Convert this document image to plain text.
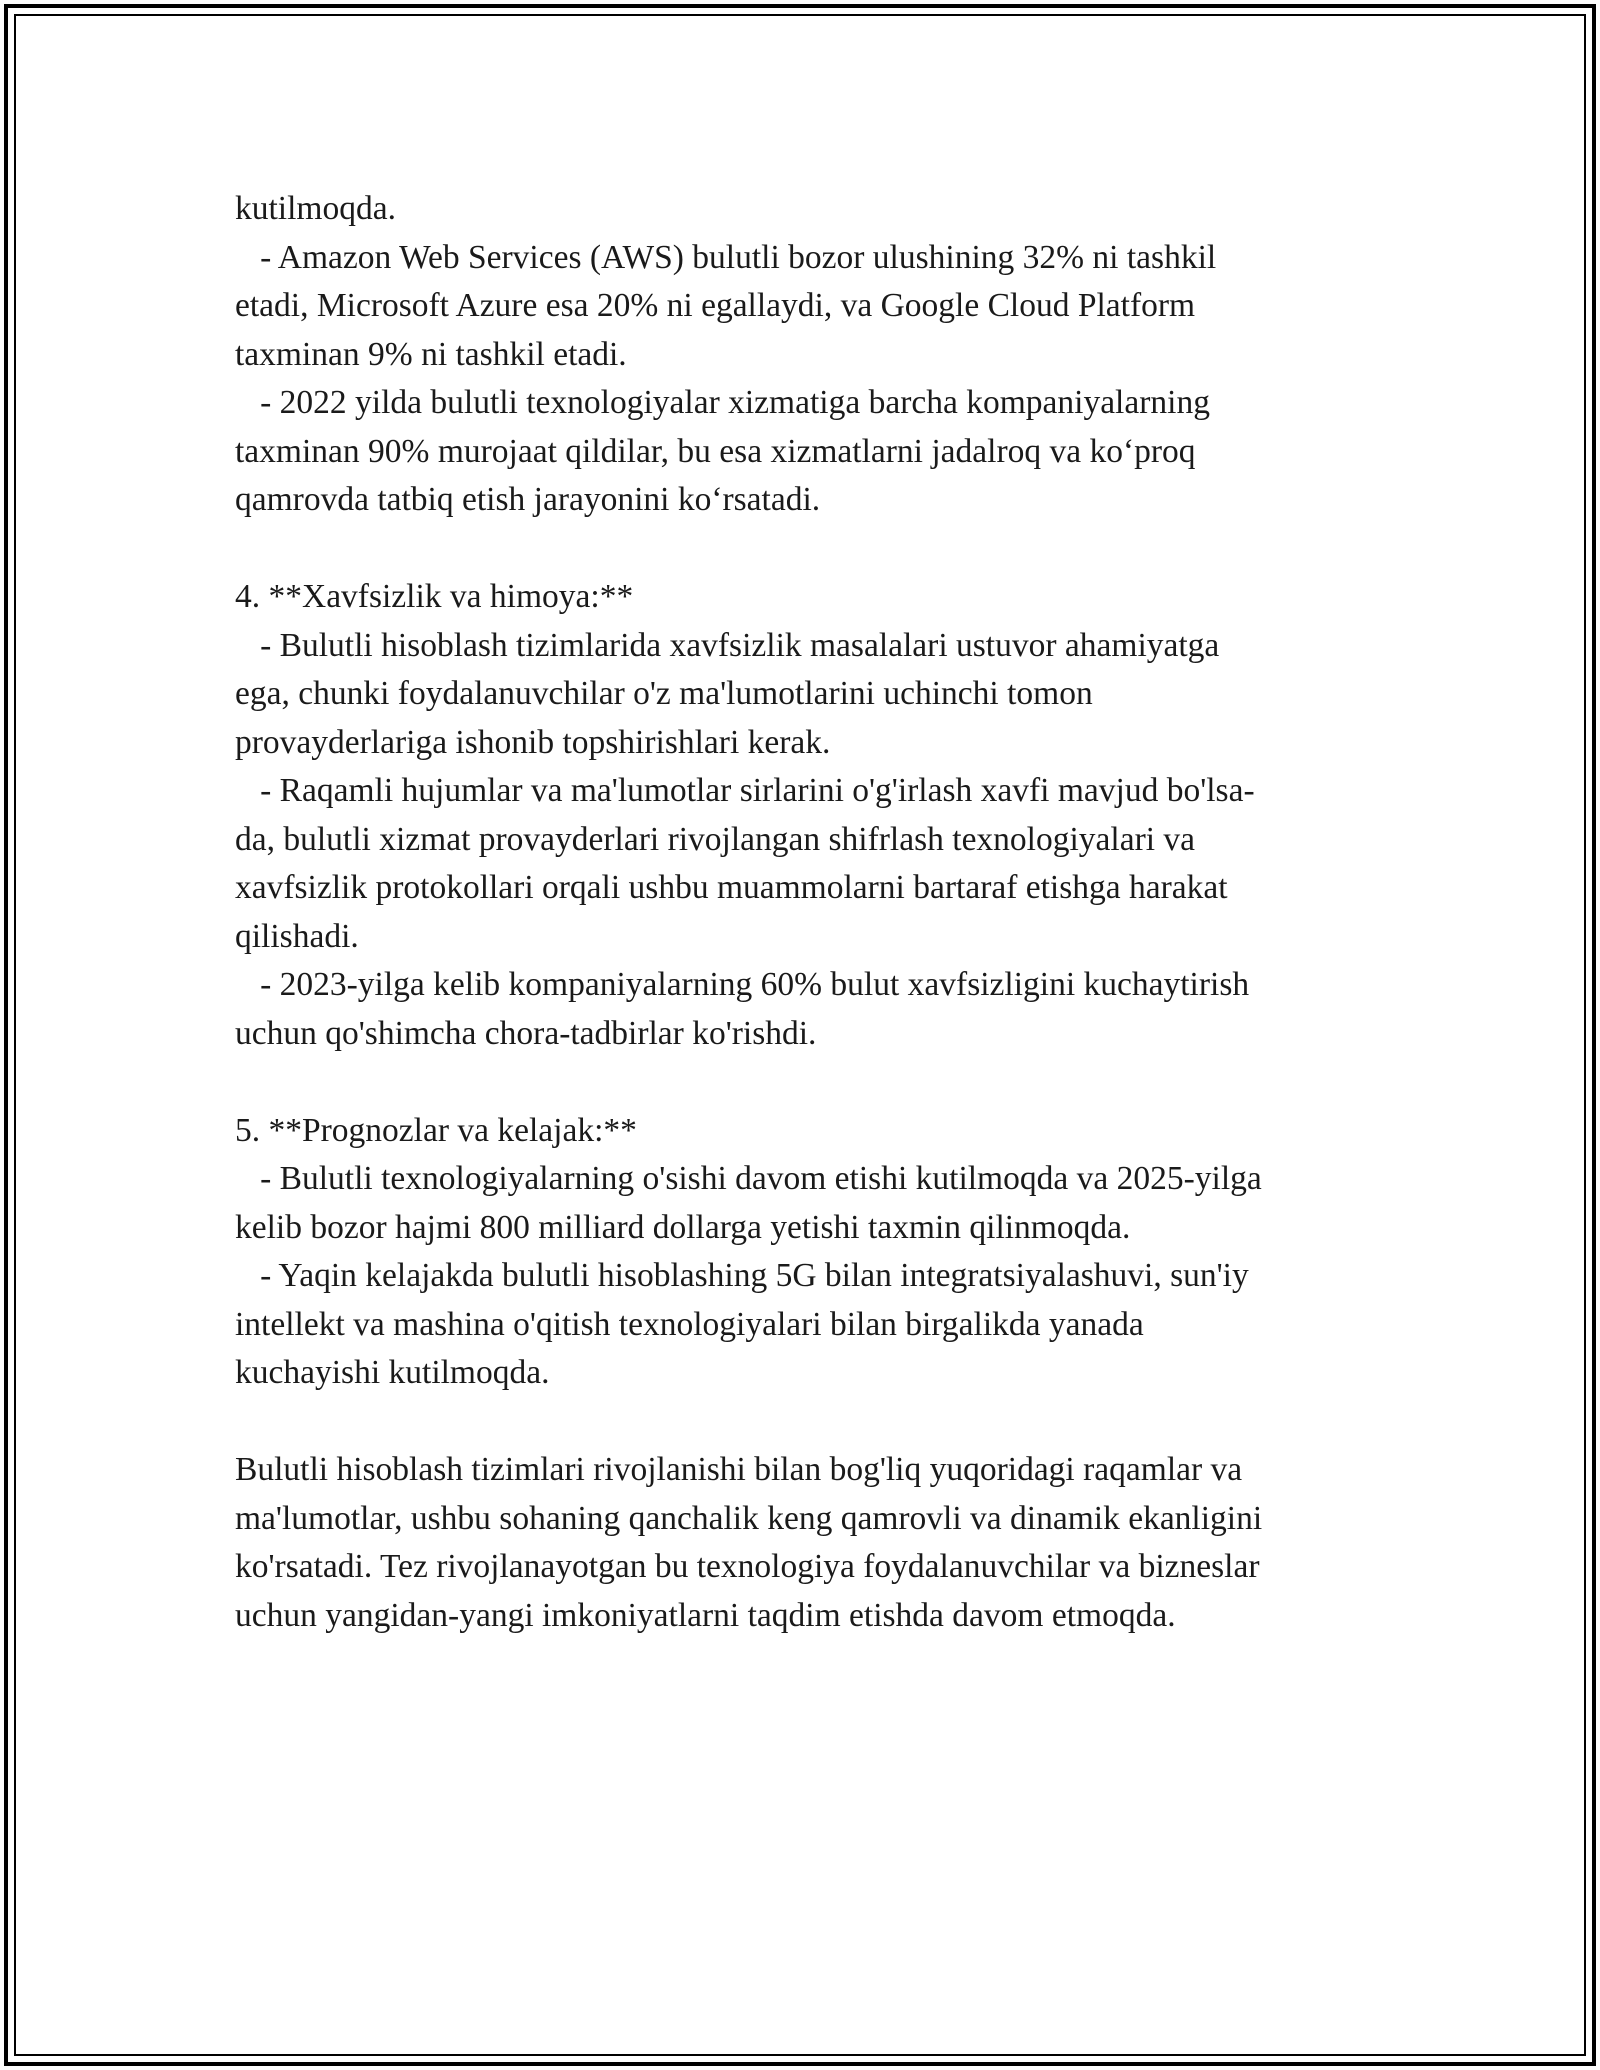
kutilmoqda.
- Amazon Web Services (AWS) bulutli bozor ulushining 32% ni tashkil
etadi, Microsoft Azure esa 20% ni egallaydi, va Google Cloud Platform
taxminan 9% ni tashkil etadi.
- 2022 yilda bulutli texnologiyalar xizmatiga barcha kompaniyalarning
taxminan 90% murojaat qildilar, bu esa xizmatlarni jadalroq va ko‘proq
qamrovda tatbiq etish jarayonini ko‘rsatadi.
4. **Xavfsizlik va himoya:**
- Bulutli hisoblash tizimlarida xavfsizlik masalalari ustuvor ahamiyatga
ega, chunki foydalanuvchilar o'z ma'lumotlarini uchinchi tomon
provayderlariga ishonib topshirishlari kerak.
- Raqamli hujumlar va ma'lumotlar sirlarini o'g'irlash xavfi mavjud bo'lsa-
da, bulutli xizmat provayderlari rivojlangan shifrlash texnologiyalari va
xavfsizlik protokollari orqali ushbu muammolarni bartaraf etishga harakat
qilishadi.
- 2023-yilga kelib kompaniyalarning 60% bulut xavfsizligini kuchaytirish
uchun qo'shimcha chora-tadbirlar ko'rishdi.
5. **Prognozlar va kelajak:**
- Bulutli texnologiyalarning o'sishi davom etishi kutilmoqda va 2025-yilga
kelib bozor hajmi 800 milliard dollarga yetishi taxmin qilinmoqda.
- Yaqin kelajakda bulutli hisoblashing 5G bilan integratsiyalashuvi, sun'iy
intellekt va mashina o'qitish texnologiyalari bilan birgalikda yanada
kuchayishi kutilmoqda.
Bulutli hisoblash tizimlari rivojlanishi bilan bog'liq yuqoridagi raqamlar va
ma'lumotlar, ushbu sohaning qanchalik keng qamrovli va dinamik ekanligini
ko'rsatadi. Tez rivojlanayotgan bu texnologiya foydalanuvchilar va bizneslar
uchun yangidan-yangi imkoniyatlarni taqdim etishda davom etmoqda.
